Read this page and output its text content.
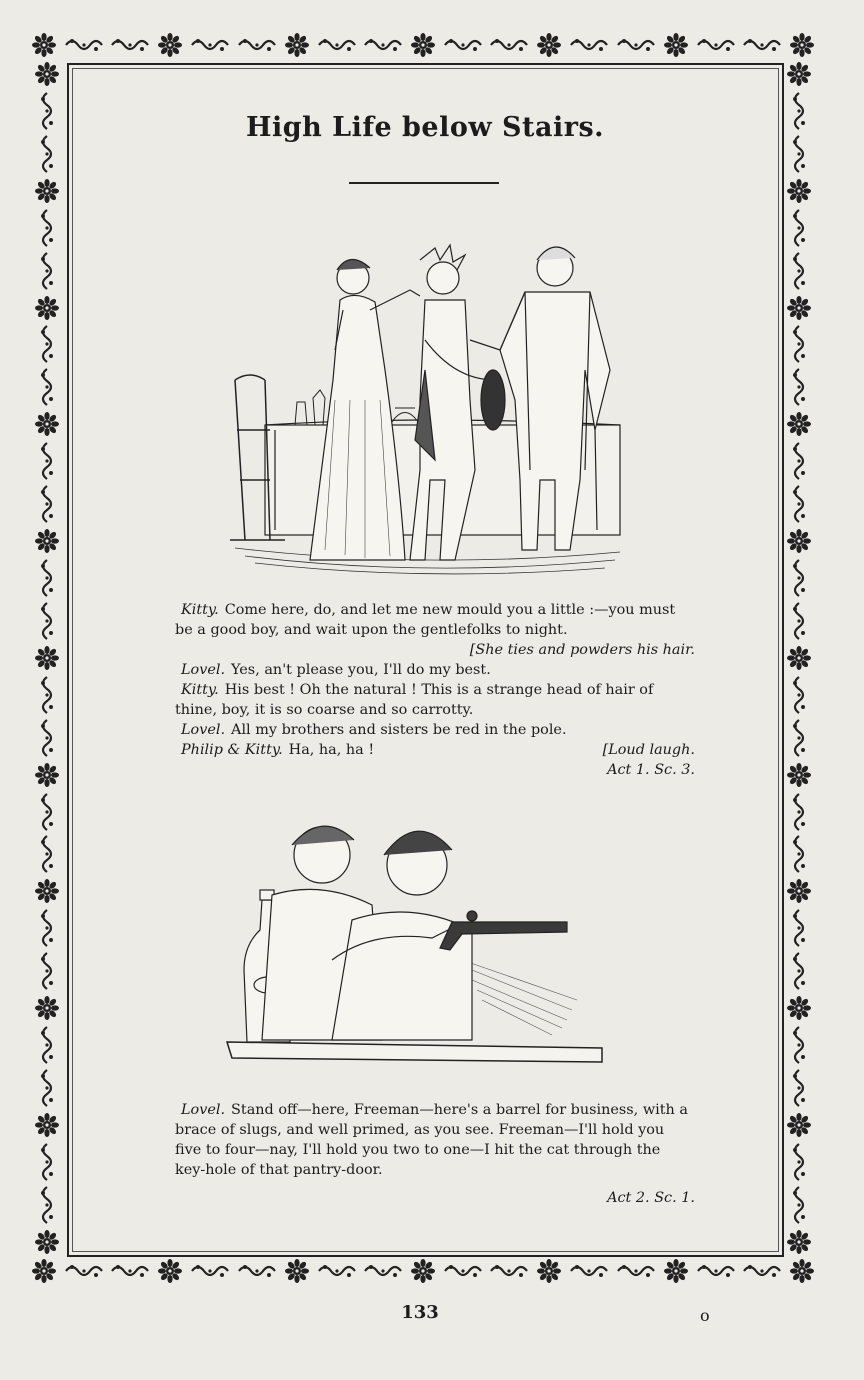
High Life below Stairs.
Kitty. Come here, do, and let me new mould you a little :—you must
be a good boy, and wait upon the gentlefolks to night.
[She ties and powders his hair.
Lovel. Yes, an't please you, I'll do my best.
Kitty. His best ! Oh the natural ! This is a strange head of hair of
thine, boy, it is so coarse and so carrotty.
Lovel. All my brothers and sisters be red in the pole.
Philip & Kitty. Ha, ha, ha !	[Loud laugh.
Act 1. Sc. 3.
Lovel. Stand off—here, Freeman—here's a barrel for business, with a
brace of slugs, and well primed, as you see. Freeman—I'll hold you
five to four—nay, I'll hold you two to one—I hit the cat through the
key-hole of that pantry-door.
Act 2. Sc. 1.
133	o
